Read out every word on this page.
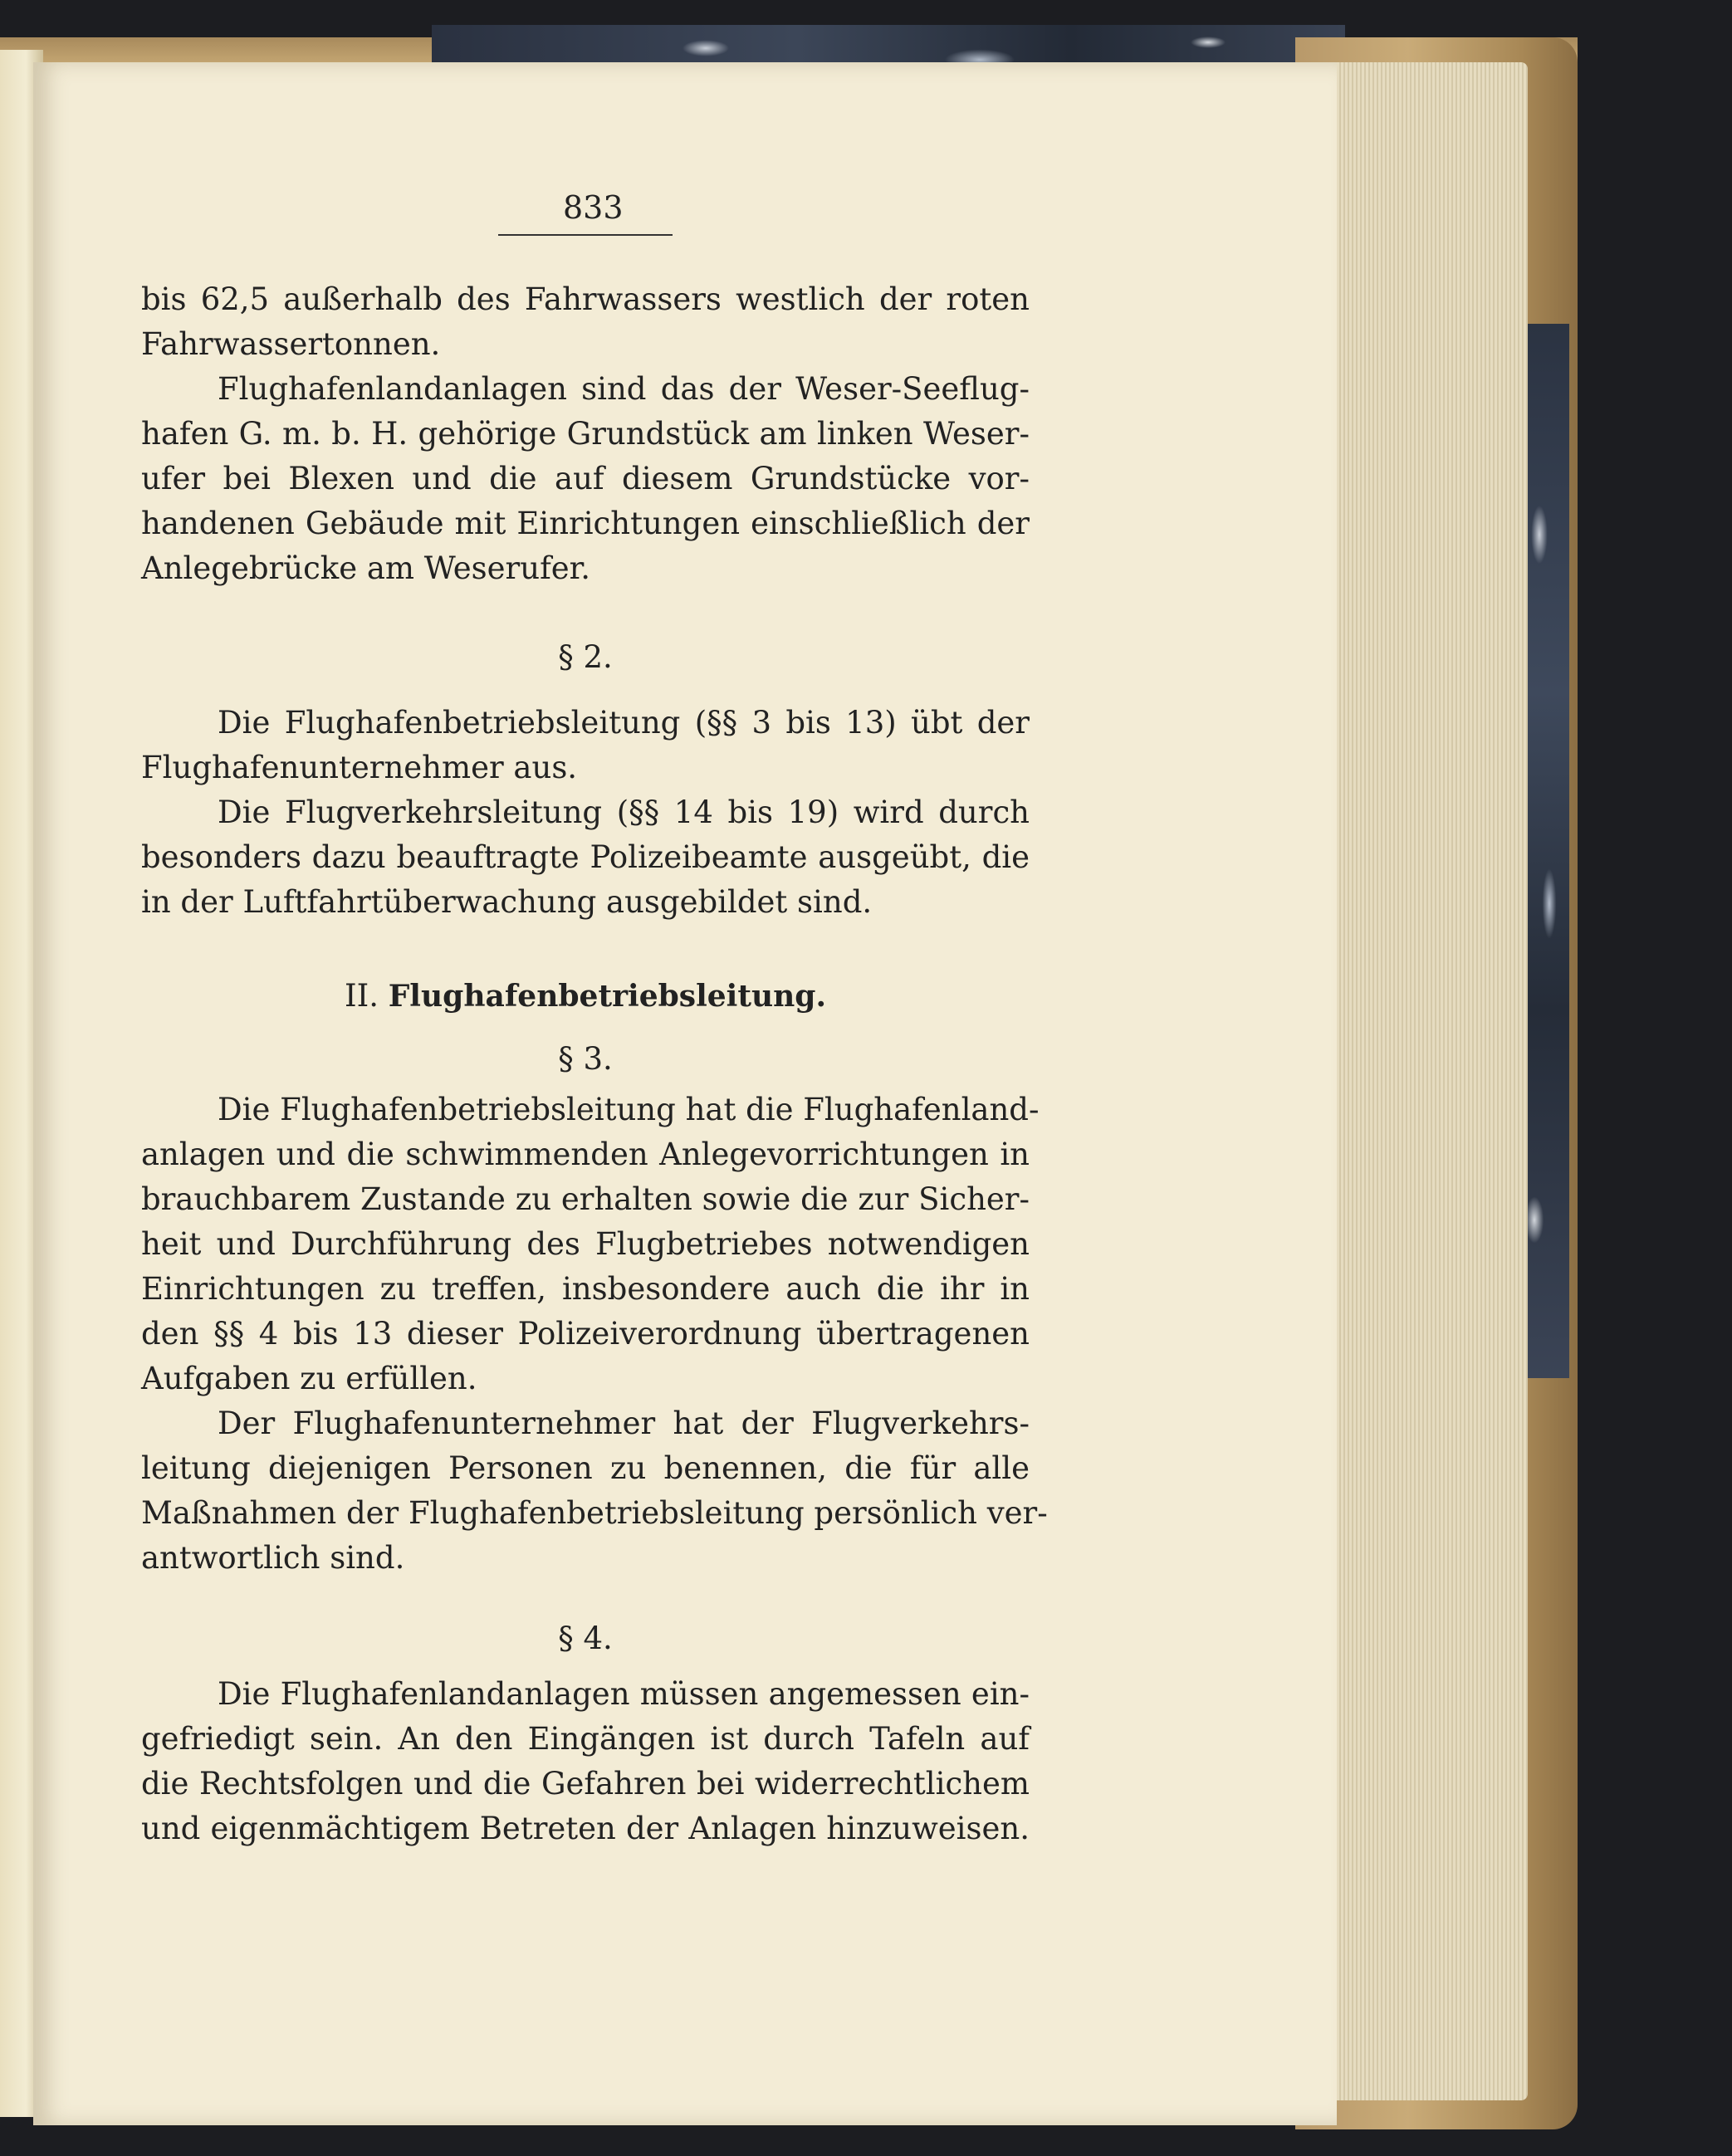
833
bis 62,5 außerhalb des Fahrwassers westlich der roten
Fahrwassertonnen.
Flughafenlandanlagen sind das der Weser-Seeflug-
hafen G. m. b. H. gehörige Grundstück am linken Weser-
ufer bei Blexen und die auf diesem Grundstücke vor-
handenen Gebäude mit Einrichtungen einschließlich der
Anlegebrücke am Weserufer.
§ 2.
Die Flughafenbetriebsleitung (§§ 3 bis 13) übt der
Flughafenunternehmer aus.
Die Flugverkehrsleitung (§§ 14 bis 19) wird durch
besonders dazu beauftragte Polizeibeamte ausgeübt, die
in der Luftfahrtüberwachung ausgebildet sind.
II. Flughafenbetriebsleitung.
§ 3.
Die Flughafenbetriebsleitung hat die Flughafenland-
anlagen und die schwimmenden Anlegevorrichtungen in
brauchbarem Zustande zu erhalten sowie die zur Sicher-
heit und Durchführung des Flugbetriebes notwendigen
Einrichtungen zu treffen, insbesondere auch die ihr in
den §§ 4 bis 13 dieser Polizeiverordnung übertragenen
Aufgaben zu erfüllen.
Der Flughafenunternehmer hat der Flugverkehrs-
leitung diejenigen Personen zu benennen, die für alle
Maßnahmen der Flughafenbetriebsleitung persönlich ver-
antwortlich sind.
§ 4.
Die Flughafenlandanlagen müssen angemessen ein-
gefriedigt sein. An den Eingängen ist durch Tafeln auf
die Rechtsfolgen und die Gefahren bei widerrechtlichem
und eigenmächtigem Betreten der Anlagen hinzuweisen.
